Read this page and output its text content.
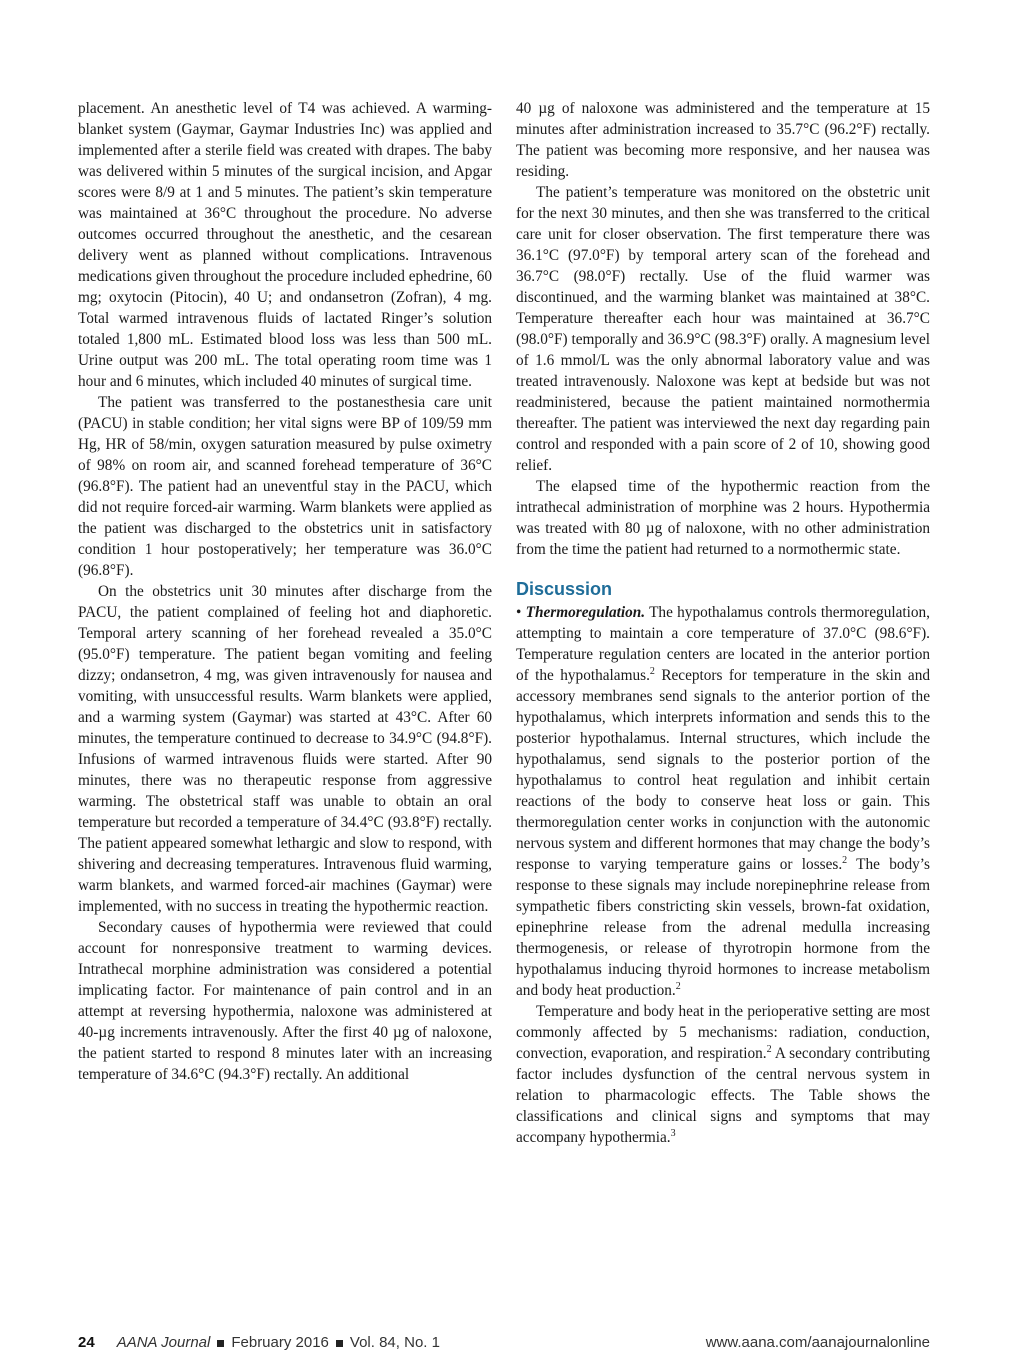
placement. An anesthetic level of T4 was achieved. A warming-blanket system (Gaymar, Gaymar Industries Inc) was applied and implemented after a sterile field was created with drapes. The baby was delivered within 5 minutes of the surgical incision, and Apgar scores were 8/9 at 1 and 5 minutes. The patient’s skin temperature was maintained at 36°C throughout the procedure. No adverse outcomes occurred throughout the anesthetic, and the cesarean delivery went as planned without complications. Intravenous medications given throughout the procedure included ephedrine, 60 mg; oxytocin (Pitocin), 40 U; and ondansetron (Zofran), 4 mg. Total warmed intravenous fluids of lactated Ringer’s solution totaled 1,800 mL. Estimated blood loss was less than 500 mL. Urine output was 200 mL. The total operating room time was 1 hour and 6 minutes, which included 40 minutes of surgical time.

The patient was transferred to the postanesthesia care unit (PACU) in stable condition; her vital signs were BP of 109/59 mm Hg, HR of 58/min, oxygen saturation measured by pulse oximetry of 98% on room air, and scanned forehead temperature of 36°C (96.8°F). The patient had an uneventful stay in the PACU, which did not require forced-air warming. Warm blankets were applied as the patient was discharged to the obstetrics unit in satisfactory condition 1 hour postoperatively; her temperature was 36.0°C (96.8°F).

On the obstetrics unit 30 minutes after discharge from the PACU, the patient complained of feeling hot and diaphoretic. Temporal artery scanning of her forehead revealed a 35.0°C (95.0°F) temperature. The patient began vomiting and feeling dizzy; ondansetron, 4 mg, was given intravenously for nausea and vomiting, with unsuccessful results. Warm blankets were applied, and a warming system (Gaymar) was started at 43°C. After 60 minutes, the temperature continued to decrease to 34.9°C (94.8°F). Infusions of warmed intravenous fluids were started. After 90 minutes, there was no therapeutic response from aggressive warming. The obstetrical staff was unable to obtain an oral temperature but recorded a temperature of 34.4°C (93.8°F) rectally. The patient appeared somewhat lethargic and slow to respond, with shivering and decreasing temperatures. Intravenous fluid warming, warm blankets, and warmed forced-air machines (Gaymar) were implemented, with no success in treating the hypothermic reaction.

Secondary causes of hypothermia were reviewed that could account for nonresponsive treatment to warming devices. Intrathecal morphine administration was considered a potential implicating factor. For maintenance of pain control and in an attempt at reversing hypothermia, naloxone was administered at 40-µg increments intravenously. After the first 40 µg of naloxone, the patient started to respond 8 minutes later with an increasing temperature of 34.6°C (94.3°F) rectally. An additional

40 µg of naloxone was administered and the temperature at 15 minutes after administration increased to 35.7°C (96.2°F) rectally. The patient was becoming more responsive, and her nausea was residing.

The patient’s temperature was monitored on the obstetric unit for the next 30 minutes, and then she was transferred to the critical care unit for closer observation. The first temperature there was 36.1°C (97.0°F) by temporal artery scan of the forehead and 36.7°C (98.0°F) rectally. Use of the fluid warmer was discontinued, and the warming blanket was maintained at 38°C. Temperature thereafter each hour was maintained at 36.7°C (98.0°F) temporally and 36.9°C (98.3°F) orally. A magnesium level of 1.6 mmol/L was the only abnormal laboratory value and was treated intravenously. Naloxone was kept at bedside but was not readministered, because the patient maintained normothermia thereafter. The patient was interviewed the next day regarding pain control and responded with a pain score of 2 of 10, showing good relief.

The elapsed time of the hypothermic reaction from the intrathecal administration of morphine was 2 hours. Hypothermia was treated with 80 µg of naloxone, with no other administration from the time the patient had returned to a normothermic state.

Discussion

• Thermoregulation. The hypothalamus controls thermoregulation, attempting to maintain a core temperature of 37.0°C (98.6°F). Temperature regulation centers are located in the anterior portion of the hypothalamus.$^2$ Receptors for temperature in the skin and accessory membranes send signals to the anterior portion of the hypothalamus, which interprets information and sends this to the posterior hypothalamus. Internal structures, which include the hypothalamus, send signals to the posterior portion of the hypothalamus to control heat regulation and inhibit certain reactions of the body to conserve heat loss or gain. This thermoregulation center works in conjunction with the autonomic nervous system and different hormones that may change the body’s response to varying temperature gains or losses.$^2$ The body’s response to these signals may include norepinephrine release from sympathetic fibers constricting skin vessels, brown-fat oxidation, epinephrine release from the adrenal medulla increasing thermogenesis, or release of thyrotropin hormone from the hypothalamus inducing thyroid hormones to increase metabolism and body heat production.$^2$

Temperature and body heat in the perioperative setting are most commonly affected by 5 mechanisms: radiation, conduction, convection, evaporation, and respiration.$^2$ A secondary contributing factor includes dysfunction of the central nervous system in relation to pharmacologic effects. The Table shows the classifications and clinical signs and symptoms that may accompany hypothermia.$^3$

24 AANA Journal February 2016 Vol. 84, No. 1	www.aana.com/aanajournalonline
